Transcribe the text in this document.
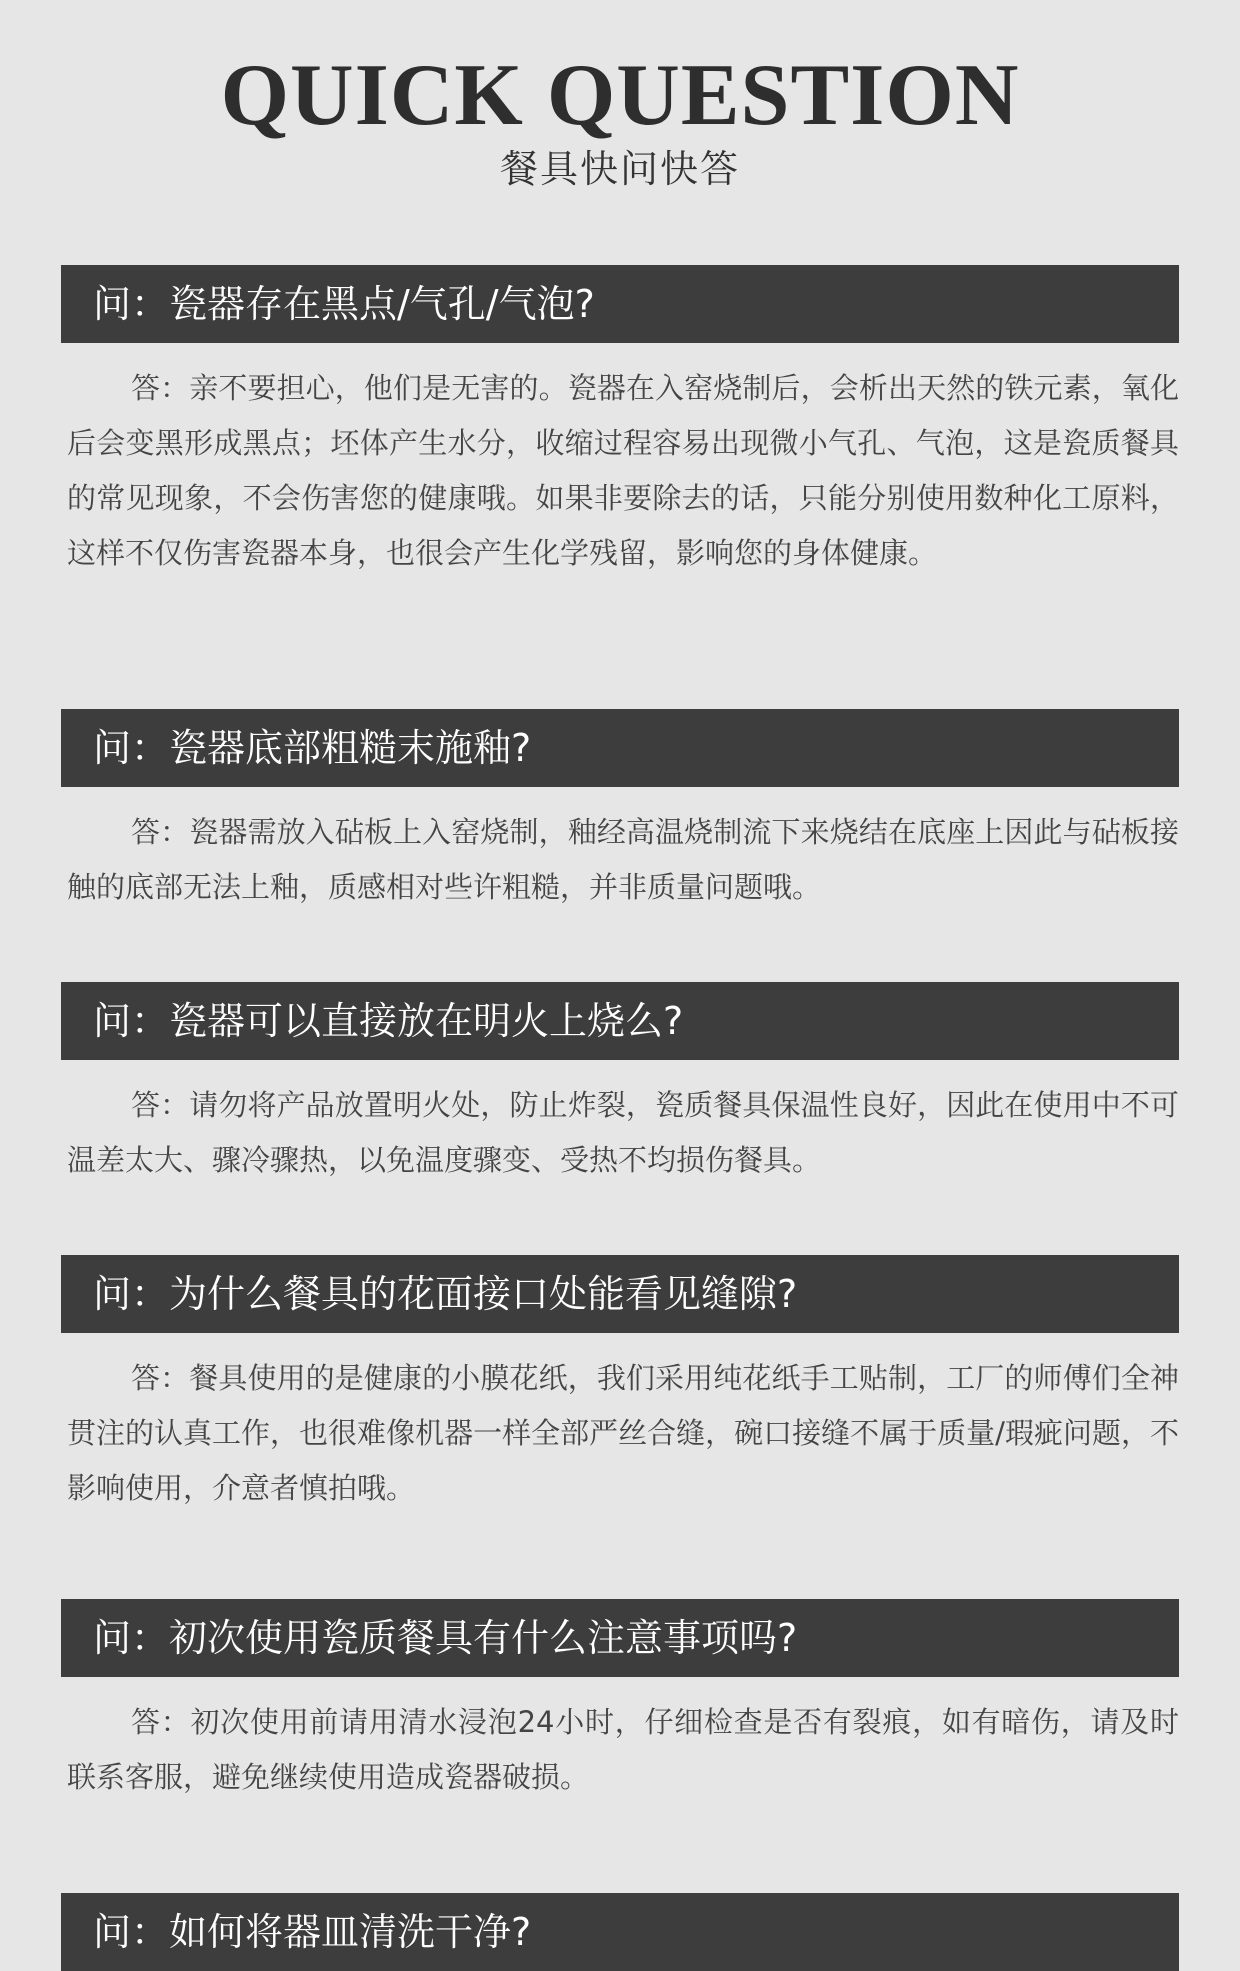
QUICK QUESTION
餐具快问快答
问：瓷器存在黑点/气孔/气泡?

答：亲不要担心，他们是无害的。瓷器在入窑烧制后，会析出天然的铁元素，氧化后会变黑形成黑点；坯体产生水分，收缩过程容易出现微小气孔、气泡，这是瓷质餐具的常见现象，不会伤害您的健康哦。如果非要除去的话，只能分别使用数种化工原料，这样不仅伤害瓷器本身，也很会产生化学残留，影响您的身体健康。

问：瓷器底部粗糙末施釉?

答：瓷器需放入砧板上入窑烧制，釉经高温烧制流下来烧结在底座上因此与砧板接触的底部无法上釉，质感相对些许粗糙，并非质量问题哦。

问：瓷器可以直接放在明火上烧么?

答：请勿将产品放置明火处，防止炸裂，瓷质餐具保温性良好，因此在使用中不可温差太大、骤冷骤热，以免温度骤变、受热不均损伤餐具。

问：为什么餐具的花面接口处能看见缝隙?

答：餐具使用的是健康的小膜花纸，我们采用纯花纸手工贴制，工厂的师傅们全神贯注的认真工作，也很难像机器一样全部严丝合缝，碗口接缝不属于质量/瑕疵问题，不影响使用，介意者慎拍哦。

问：初次使用瓷质餐具有什么注意事项吗?

答：初次使用前请用清水浸泡24小时，仔细检查是否有裂痕，如有暗伤，请及时联系客服，避免继续使用造成瓷器破损。

问：如何将器皿清洗干净?
